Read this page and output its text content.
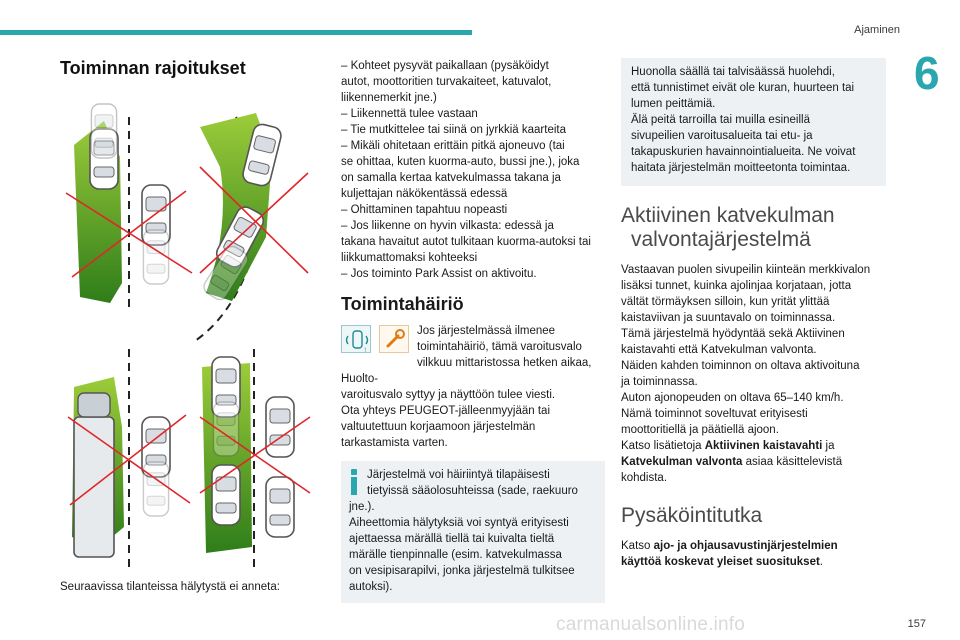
Ajaminen
6
Toiminnan rajoitukset

Seuraavissa tilanteissa hälytystä ei anneta:

– Kohteet pysyvät paikallaan (pysäköidyt

autot, moottoritien turvakaiteet, katuvalot,

liikennemerkit jne.)

– Liikennettä tulee vastaan

– Tie mutkittelee tai siinä on jyrkkiä kaarteita

– Mikäli ohitetaan erittäin pitkä ajoneuvo (tai

se ohittaa, kuten kuorma-auto, bussi jne.), joka

on samalla kertaa katvekulmassa takana ja

kuljettajan näkökentässä edessä

– Ohittaminen tapahtuu nopeasti

– Jos liikenne on hyvin vilkasta: edessä ja

takana havaitut autot tulkitaan kuorma-autoksi tai

liikkumattomaksi kohteeksi

– Jos toiminto Park Assist on aktivoitu.

Toimintahäiriö
!

Jos järjestelmässä ilmenee

toimintahäiriö, tämä varoitusvalo

vilkkuu mittaristossa hetken aikaa, Huolto-

varoitusvalo syttyy ja näyttöön tulee viesti.

Ota yhteys PEUGEOT-jälleenmyyjään tai

valtuutettuun korjaamoon järjestelmän

tarkastamista varten.

Järjestelmä voi häiriintyä tilapäisesti

tietyissä sääolosuhteissa (sade, raekuuro

jne.).

Aiheettomia hälytyksiä voi syntyä erityisesti

ajettaessa märällä tiellä tai kuivalta tieltä

märälle tienpinnalle (esim. katvekulmassa

on vesipisarapilvi, jonka järjestelmä tulkitsee

autoksi).

Huonolla säällä tai talvisäässä huolehdi,

että tunnistimet eivät ole kuran, huurteen tai

lumen peittämiä.

Älä peitä tarroilla tai muilla esineillä

sivupeilien varoitusalueita tai etu- ja

takapuskurien havainnointialueita. Ne voivat

haitata järjestelmän moitteetonta toimintaa.

Aktiivinen katvekulman
valvontajärjestelmä

Vastaavan puolen sivupeilin kiinteän merkkivalon

lisäksi tunnet, kuinka ajolinjaa korjataan, jotta

vältät törmäyksen silloin, kun yrität ylittää

kaistaviivan ja suuntavalo on toiminnassa.

Tämä järjestelmä hyödyntää sekä Aktiivinen

kaistavahti että Katvekulman valvonta.

Näiden kahden toiminnon on oltava aktivoituna

ja toiminnassa.

Auton ajonopeuden on oltava 65–140 km/h.

Nämä toiminnot soveltuvat erityisesti

moottoritiellä ja päätiellä ajoon.

Katso lisätietoja Aktiivinen kaistavahti ja

Katvekulman valvonta asiaa käsittelevistä

kohdista.

Pysäköintitutka

Katso ajo- ja ohjausavustinjärjestelmien

käyttöä koskevat yleiset suositukset.

carmanualsonline.info	157
